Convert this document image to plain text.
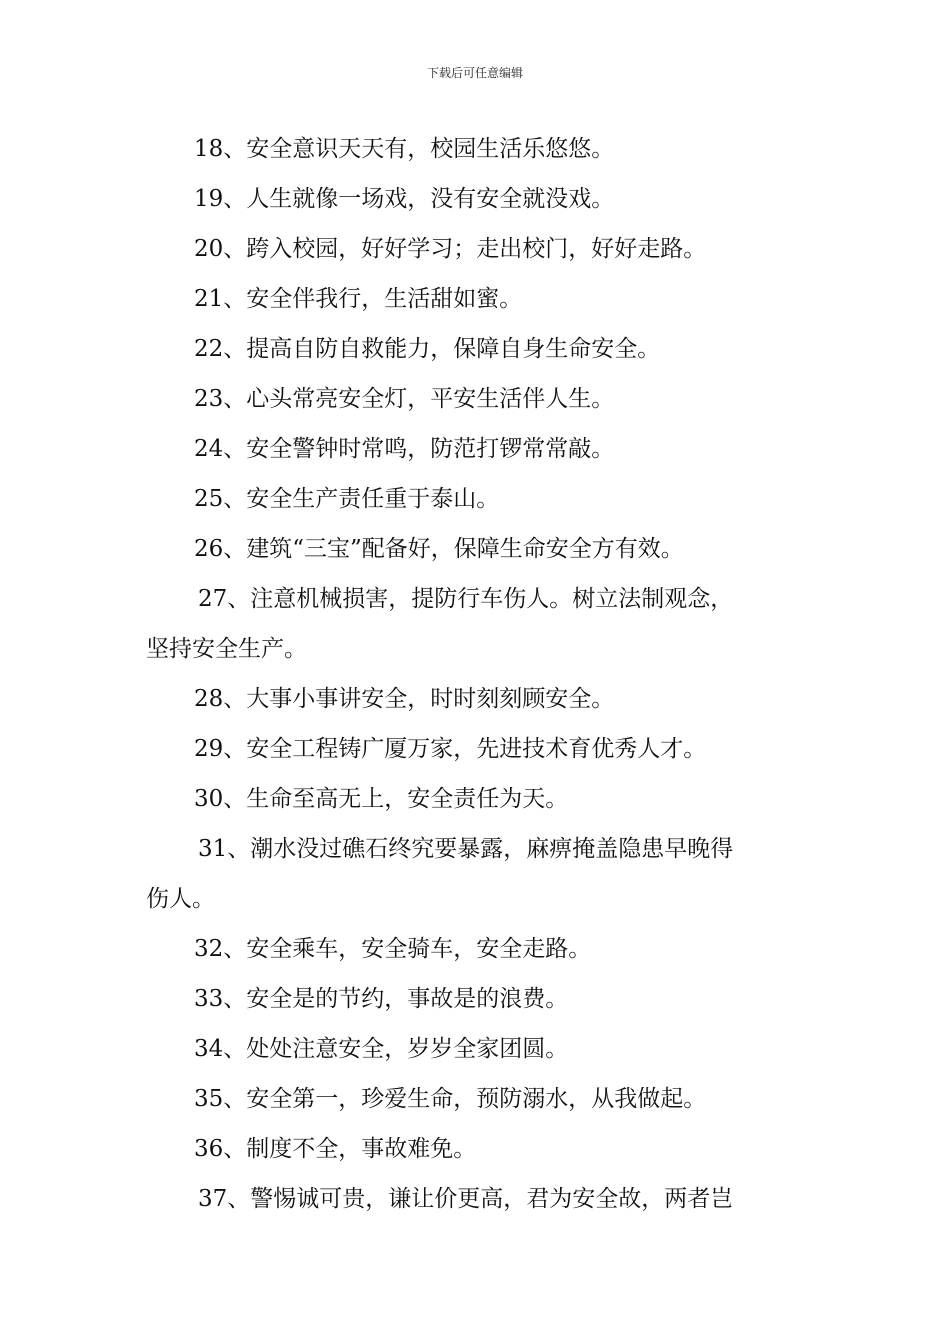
下载后可任意编辑
18、安全意识天天有，校园生活乐悠悠。
19、人生就像一场戏，没有安全就没戏。
20、跨入校园，好好学习；走出校门，好好走路。
21、安全伴我行，生活甜如蜜。
22、提高自防自救能力，保障自身生命安全。
23、心头常亮安全灯，平安生活伴人生。
24、安全警钟时常鸣，防范打锣常常敲。
25、安全生产责任重于泰山。
26、建筑“三宝”配备好，保障生命安全方有效。
27、注意机械损害，提防行车伤人。树立法制观念，
坚持安全生产。
28、大事小事讲安全，时时刻刻顾安全。
29、安全工程铸广厦万家，先进技术育优秀人才。
30、生命至高无上，安全责任为天。
31、潮水没过礁石终究要暴露，麻痹掩盖隐患早晚得
伤人。
32、安全乘车，安全骑车，安全走路。
33、安全是的节约，事故是的浪费。
34、处处注意安全，岁岁全家团圆。
35、安全第一，珍爱生命，预防溺水，从我做起。
36、制度不全，事故难免。
37、警惕诚可贵，谦让价更高，君为安全故，两者岂
